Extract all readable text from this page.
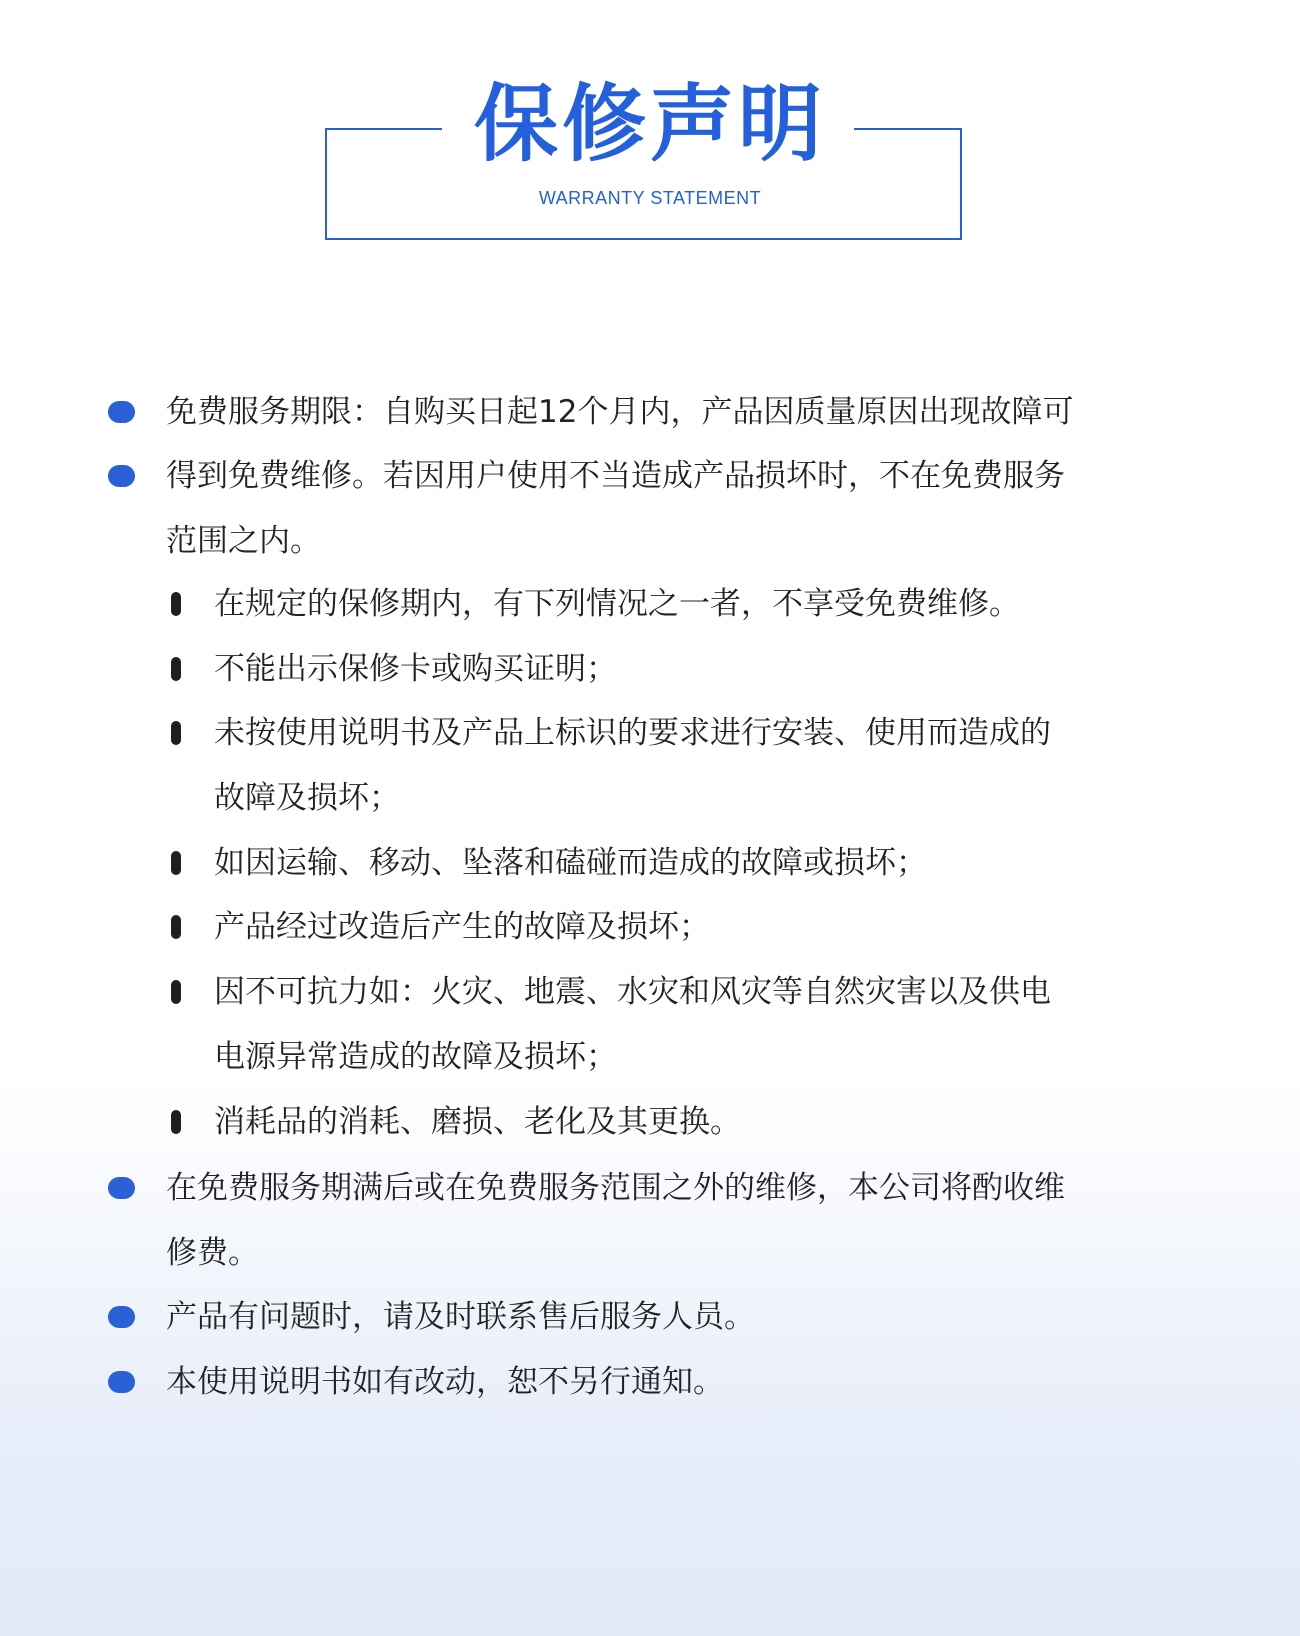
保修声明
WARRANTY STATEMENT
免费服务期限：自购买日起12个月内，产品因质量原因出现故障可
得到免费维修。若因用户使用不当造成产品损坏时，不在免费服务
范围之内。
在规定的保修期内，有下列情况之一者，不享受免费维修。
不能出示保修卡或购买证明；
未按使用说明书及产品上标识的要求进行安装、使用而造成的
故障及损坏；
如因运输、移动、坠落和磕碰而造成的故障或损坏；
产品经过改造后产生的故障及损坏；
因不可抗力如：火灾、地震、水灾和风灾等自然灾害以及供电
电源异常造成的故障及损坏；
消耗品的消耗、磨损、老化及其更换。
在免费服务期满后或在免费服务范围之外的维修，本公司将酌收维
修费。
产品有问题时，请及时联系售后服务人员。
本使用说明书如有改动，恕不另行通知。
